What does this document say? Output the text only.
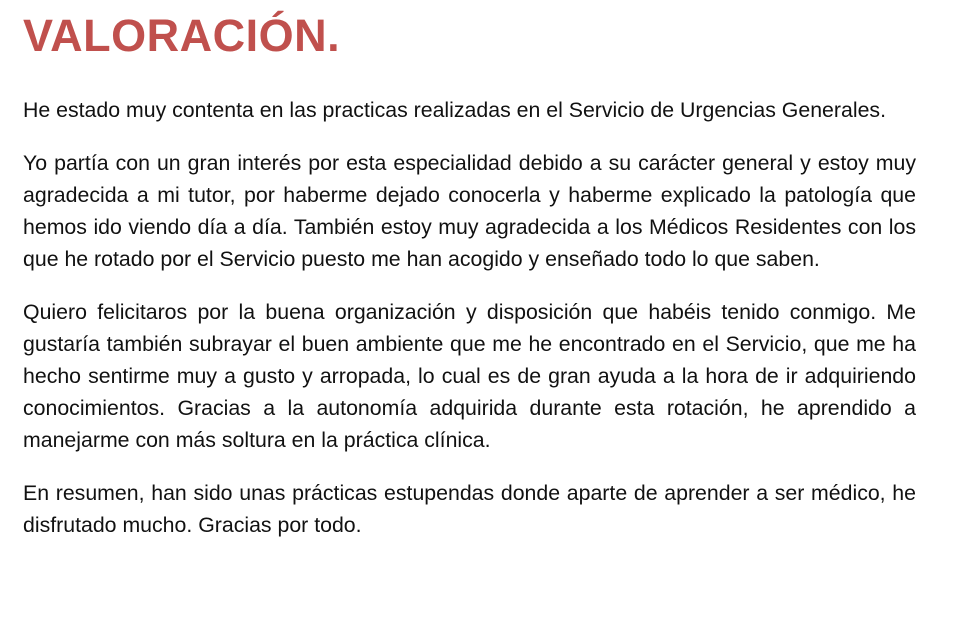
VALORACIÓN.

He estado muy contenta en las practicas realizadas en el Servicio de Urgencias Generales.

Yo partía con un gran interés por esta especialidad debido a su carácter general y estoy muy agradecida a mi tutor, por haberme dejado conocerla y haberme explicado la patología que hemos ido viendo día a día. También estoy muy agradecida a los Médicos Residentes con los que he rotado por el Servicio puesto me han acogido y enseñado todo lo que saben.

Quiero felicitaros por la buena organización y disposición que habéis tenido conmigo. Me gustaría también subrayar el buen ambiente que me he encontrado en el Servicio, que me ha hecho sentirme muy a gusto y arropada, lo cual es de gran ayuda a la hora de ir adquiriendo conocimientos. Gracias a la autonomía adquirida durante esta rotación, he aprendido a manejarme con más soltura en la práctica clínica.

En resumen, han sido unas prácticas estupendas donde aparte de aprender a ser médico, he disfrutado mucho. Gracias por todo.
